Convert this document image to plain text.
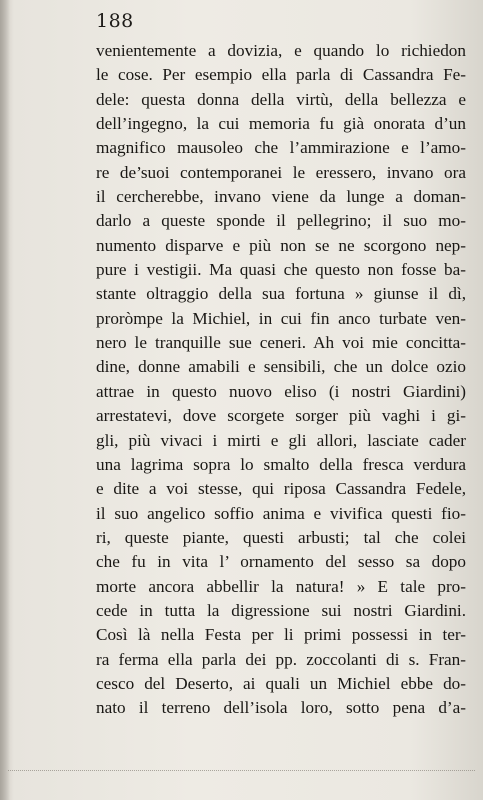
188
venientemente a dovizia, e quando lo richiedon
le cose. Per esempio ella parla di Cassandra Fe-
dele: questa donna della virtù, della bellezza e
dell’ingegno, la cui memoria fu già onorata d’un
magnifico mausoleo che l’ammirazione e l’amo-
re de’suoi contemporanei le eressero, invano ora
il cercherebbe, invano viene da lunge a doman-
darlo a queste sponde il pellegrino; il suo mo-
numento disparve e più non se ne scorgono nep-
pure i vestigii. Ma quasi che questo non fosse ba-
stante oltraggio della sua fortuna » giunse il dì,
proròmpe la Michiel, in cui fin anco turbate ven-
nero le tranquille sue ceneri. Ah voi mie concitta-
dine, donne amabili e sensibili, che un dolce ozio
attrae in questo nuovo eliso (i nostri Giardini)
arrestatevi, dove scorgete sorger più vaghi i gi-
gli, più vivaci i mirti e gli allori, lasciate cader
una lagrima sopra lo smalto della fresca verdura
e dite a voi stesse, qui riposa Cassandra Fedele,
il suo angelico soffio anima e vivifica questi fio-
ri, queste piante, questi arbusti; tal che colei
che fu in vita l’ ornamento del sesso sa dopo
morte ancora abbellir la natura! » E tale pro-
cede in tutta la digressione sui nostri Giardini.
Così là nella Festa per li primi possessi in ter-
ra ferma ella parla dei pp. zoccolanti di s. Fran-
cesco del Deserto, ai quali un Michiel ebbe do-
nato il terreno dell’isola loro, sotto pena d’a-
